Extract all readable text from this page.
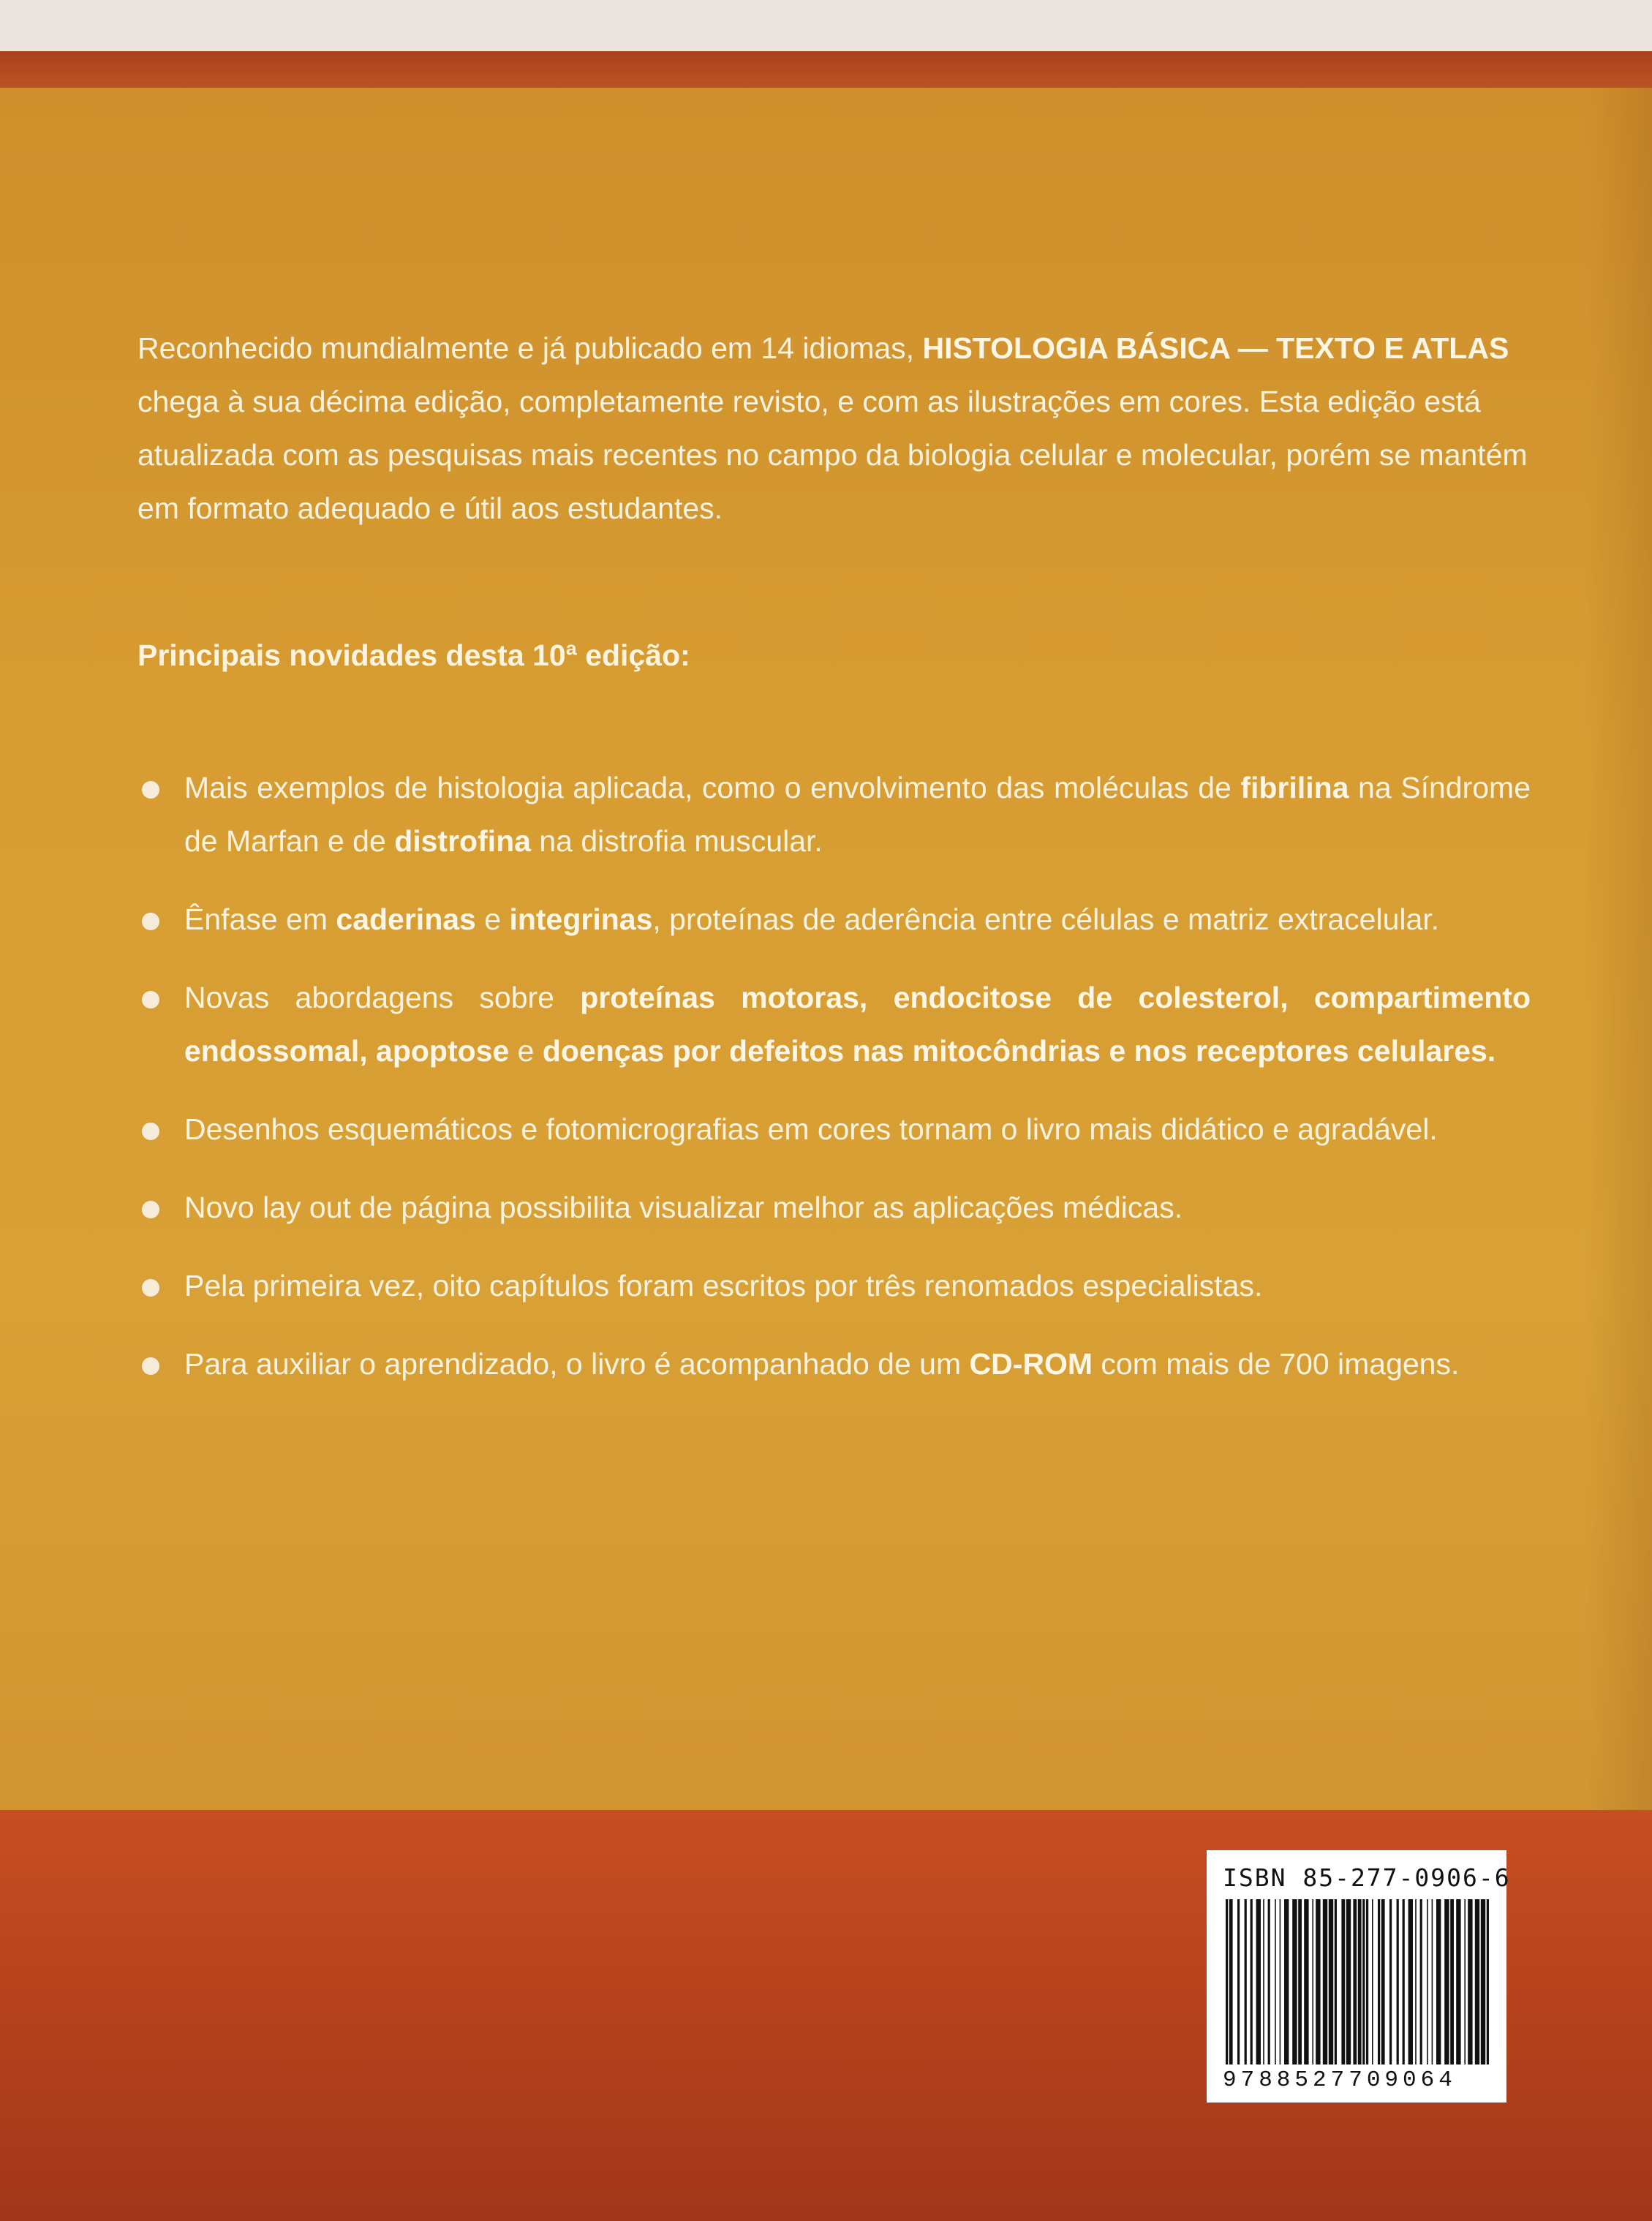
Reconhecido mundialmente e já publicado em 14 idiomas, HISTOLOGIA BÁSICA — TEXTO E ATLAS chega à sua décima edição, completamente revisto, e com as ilustrações em cores. Esta edição está atualizada com as pesquisas mais recentes no campo da biologia celular e molecular, porém se mantém em formato adequado e útil aos estudantes.

Principais novidades desta 10ª edição:

Mais exemplos de histologia aplicada, como o envolvimento das moléculas de fibrilina na Síndrome de Marfan e de distrofina na distrofia muscular.
Ênfase em caderinas e integrinas, proteínas de aderência entre células e matriz extracelular.
Novas abordagens sobre proteínas motoras, endocitose de colesterol, compartimento endossomal, apoptose e doenças por defeitos nas mitocôndrias e nos receptores celulares.
Desenhos esquemáticos e fotomicrografias em cores tornam o livro mais didático e agradável.
Novo lay out de página possibilita visualizar melhor as aplicações médicas.
Pela primeira vez, oito capítulos foram escritos por três renomados especialistas.
Para auxiliar o aprendizado, o livro é acompanhado de um CD-ROM com mais de 700 imagens.
ISBN 85-277-0906-6
9788527709064
